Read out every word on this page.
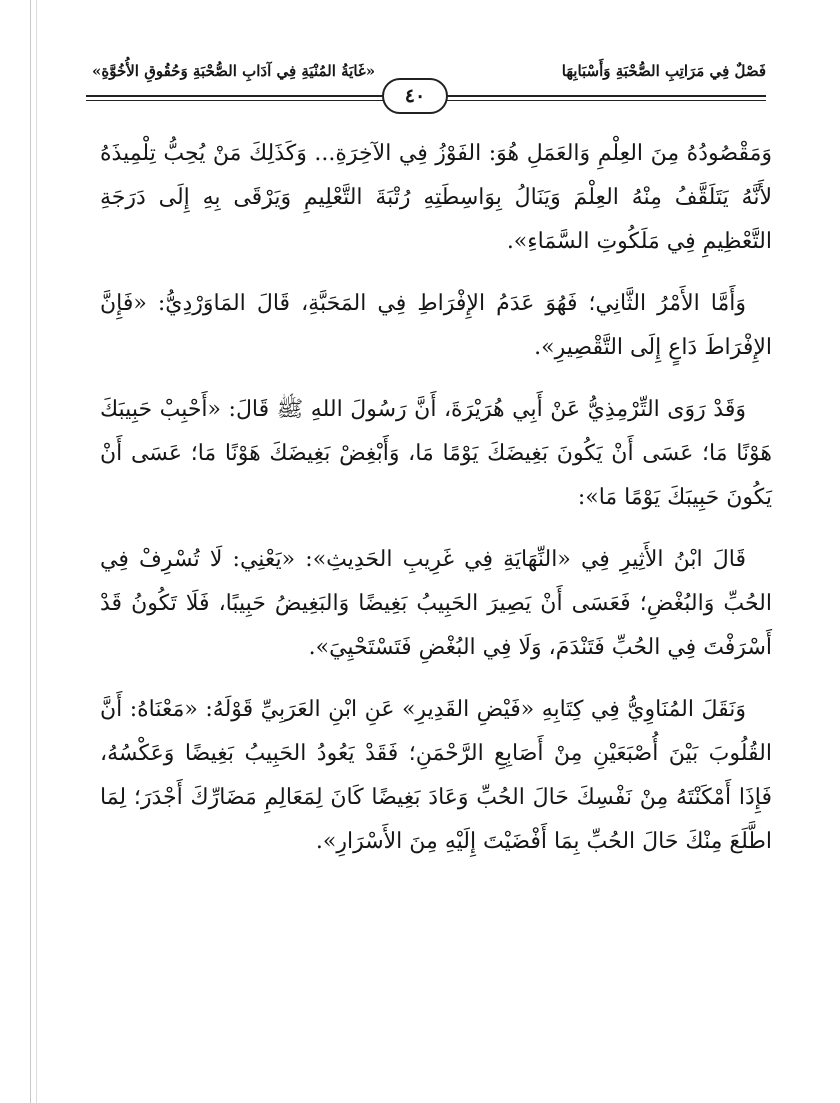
«غَايَةُ المُنْيَةِ فِي آدَابِ الصُّحْبَةِ وَحُقُوقِ الأُخُوَّةِ»	فَصْلٌ فِي مَرَاتِبِ الصُّحْبَةِ وَأَسْبَابِهَا
٤٠

وَمَقْصُودُهُ مِنَ العِلْمِ وَالعَمَلِ هُوَ: الفَوْزُ فِي الآخِرَةِ... وَكَذَلِكَ مَنْ يُحِبُّ تِلْمِيذَهُ لأَنَّهُ يَتَلَقَّفُ مِنْهُ العِلْمَ وَيَنَالُ بِوَاسِطَتِهِ رُتْبَةَ التَّعْلِيمِ وَيَرْقَى بِهِ إِلَى دَرَجَةِ التَّعْظِيمِ فِي مَلَكُوتِ السَّمَاءِ».

وَأَمَّا الأَمْرُ الثَّانِي؛ فَهُوَ عَدَمُ الإِفْرَاطِ فِي المَحَبَّةِ، قَالَ المَاوَرْدِيُّ: «فَإِنَّ الإِفْرَاطَ دَاعٍ إِلَى التَّقْصِيرِ».

وَقَدْ رَوَى التِّرْمِذِيُّ عَنْ أَبِي هُرَيْرَةَ، أَنَّ رَسُولَ اللهِ ﷺ قَالَ: «أَحْبِبْ حَبِيبَكَ هَوْنًا مَا؛ عَسَى أَنْ يَكُونَ بَغِيضَكَ يَوْمًا مَا، وَأَبْغِضْ بَغِيضَكَ هَوْنًا مَا؛ عَسَى أَنْ يَكُونَ حَبِيبَكَ يَوْمًا مَا»:

قَالَ ابْنُ الأَثِيرِ فِي «النِّهَايَةِ فِي غَرِيبِ الحَدِيثِ»: «يَعْنِي: لَا تُسْرِفْ فِي الحُبِّ وَالبُغْضِ؛ فَعَسَى أَنْ يَصِيرَ الحَبِيبُ بَغِيضًا وَالبَغِيضُ حَبِيبًا، فَلَا تَكُونُ قَدْ أَسْرَفْتَ فِي الحُبِّ فَتَنْدَمَ، وَلَا فِي البُغْضِ فَتَسْتَحْيِيَ».

وَنَقَلَ المُنَاوِيُّ فِي كِتَابِهِ «فَيْضِ القَدِيرِ» عَنِ ابْنِ العَرَبِيِّ قَوْلَهُ: «مَعْنَاهُ: أَنَّ القُلُوبَ بَيْنَ أُصْبَعَيْنِ مِنْ أَصَابِعِ الرَّحْمَنِ؛ فَقَدْ يَعُودُ الحَبِيبُ بَغِيضًا وَعَكْسُهُ، فَإِذَا أَمْكَنْتَهُ مِنْ نَفْسِكَ حَالَ الحُبِّ وَعَادَ بَغِيضًا كَانَ لِمَعَالِمِ مَضَارِّكَ أَجْدَرَ؛ لِمَا اطَّلَعَ مِنْكَ حَالَ الحُبِّ بِمَا أَفْضَيْتَ إِلَيْهِ مِنَ الأَسْرَارِ».
